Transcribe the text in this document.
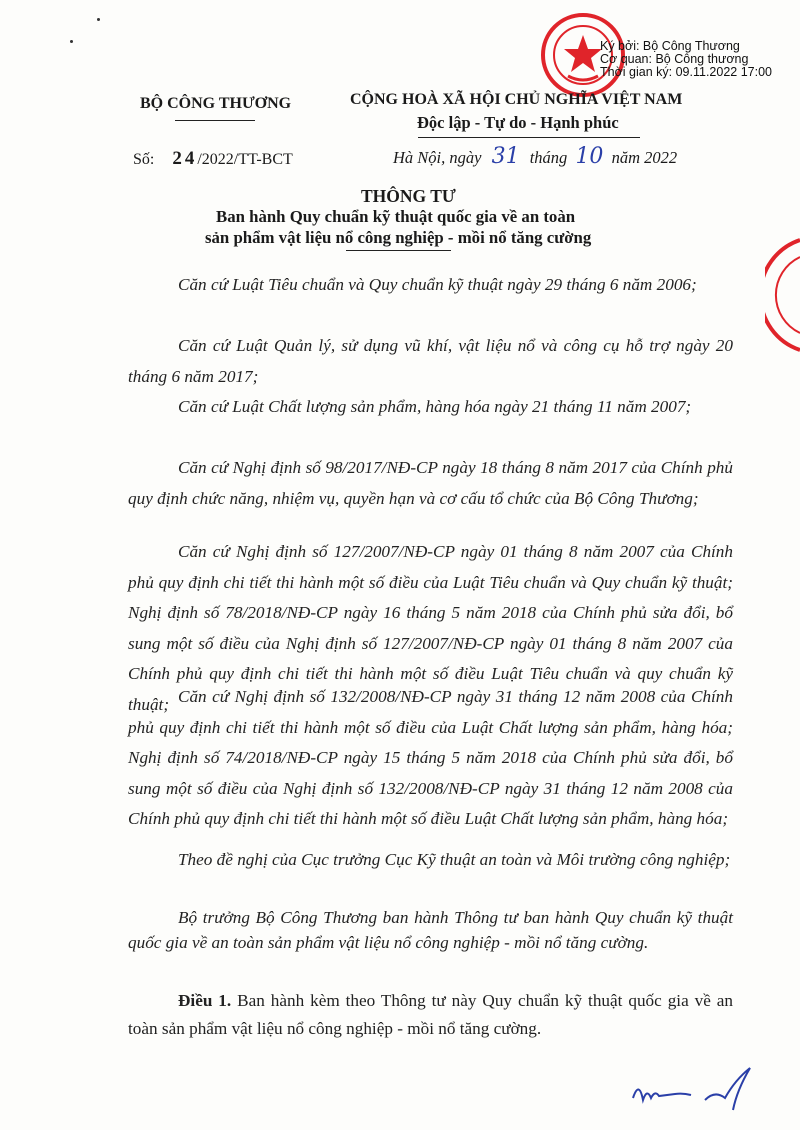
Ký bởi: Bộ Công Thương
Cơ quan: Bộ Công thương
Thời gian ký: 09.11.2022 17:00
BỘ CÔNG THƯƠNG	CỘNG HOÀ XÃ HỘI CHỦ NGHĨA VIỆT NAM
Độc lập - Tự do - Hạnh phúc
Số: 24/2022/TT-BCT	Hà Nội, ngày 31 tháng 10 năm 2022
THÔNG TƯ
Ban hành Quy chuẩn kỹ thuật quốc gia về an toàn
sản phẩm vật liệu nổ công nghiệp - mồi nổ tăng cường
Căn cứ Luật Tiêu chuẩn và Quy chuẩn kỹ thuật ngày 29 tháng 6 năm 2006;
Căn cứ Luật Quản lý, sử dụng vũ khí, vật liệu nổ và công cụ hỗ trợ ngày 20 tháng 6 năm 2017;
Căn cứ Luật Chất lượng sản phẩm, hàng hóa ngày 21 tháng 11 năm 2007;
Căn cứ Nghị định số 98/2017/NĐ-CP ngày 18 tháng 8 năm 2017 của Chính phủ quy định chức năng, nhiệm vụ, quyền hạn và cơ cấu tổ chức của Bộ Công Thương;
Căn cứ Nghị định số 127/2007/NĐ-CP ngày 01 tháng 8 năm 2007 của Chính phủ quy định chi tiết thi hành một số điều của Luật Tiêu chuẩn và Quy chuẩn kỹ thuật; Nghị định số 78/2018/NĐ-CP ngày 16 tháng 5 năm 2018 của Chính phủ sửa đổi, bổ sung một số điều của Nghị định số 127/2007/NĐ-CP ngày 01 tháng 8 năm 2007 của Chính phủ quy định chi tiết thi hành một số điều Luật Tiêu chuẩn và quy chuẩn kỹ thuật; Căn cứ Nghị định số 132/2008/NĐ-CP ngày 31 tháng 12 năm 2008 của Chính phủ quy định chi tiết thi hành một số điều của Luật Chất lượng sản phẩm, hàng hóa; Nghị định số 74/2018/NĐ-CP ngày 15 tháng 5 năm 2018 của Chính phủ sửa đổi, bổ sung một số điều của Nghị định số 132/2008/NĐ-CP ngày 31 tháng 12 năm 2008 của Chính phủ quy định chi tiết thi hành một số điều Luật Chất lượng sản phẩm, hàng hóa;
Theo đề nghị của Cục trưởng Cục Kỹ thuật an toàn và Môi trường công nghiệp;
Bộ trưởng Bộ Công Thương ban hành Thông tư ban hành Quy chuẩn kỹ thuật quốc gia về an toàn sản phẩm vật liệu nổ công nghiệp - mồi nổ tăng cường.
Điều 1. Ban hành kèm theo Thông tư này Quy chuẩn kỹ thuật quốc gia về an toàn sản phẩm vật liệu nổ công nghiệp - mồi nổ tăng cường.
